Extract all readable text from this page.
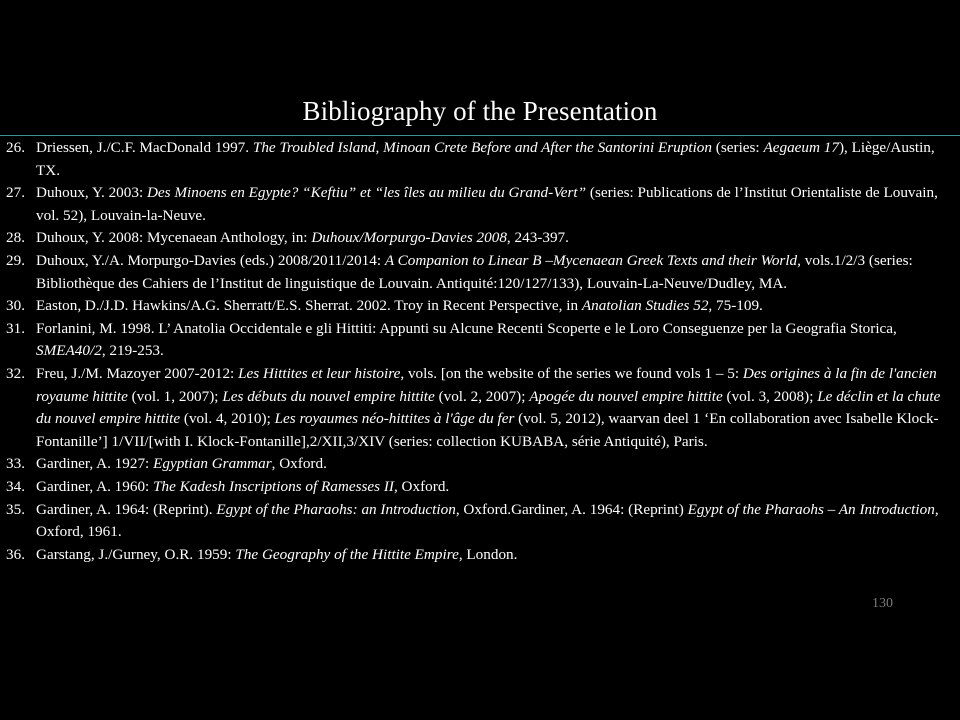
Bibliography of the Presentation
26. Driessen, J./C.F. MacDonald 1997. The Troubled Island, Minoan Crete Before and After the Santorini Eruption (series: Aegaeum 17), Liège/Austin, TX.
27. Duhoux, Y. 2003: Des Minoens en Egypte? “Keftiu” et “les îles au milieu du Grand-Vert” (series: Publications de l’Institut Orientaliste de Louvain, vol. 52), Louvain-la-Neuve.
28. Duhoux, Y. 2008: Mycenaean Anthology, in: Duhoux/Morpurgo-Davies 2008, 243-397.
29. Duhoux, Y./A. Morpurgo-Davies (eds.) 2008/2011/2014: A Companion to Linear B –Mycenaean Greek Texts and their World, vols.1/2/3 (series: Bibliothèque des Cahiers de l’Institut de linguistique de Louvain. Antiquité:120/127/133), Louvain-La-Neuve/Dudley, MA.
30. Easton, D./J.D. Hawkins/A.G. Sherratt/E.S. Sherrat. 2002. Troy in Recent Perspective, in Anatolian Studies 52, 75-109.
31. Forlanini, M. 1998. L’ Anatolia Occidentale e gli Hittiti: Appunti su Alcune Recenti Scoperte e le Loro Conseguenze per la Geografia Storica, SMEA40/2, 219-253.
32. Freu, J./M. Mazoyer 2007-2012: Les Hittites et leur histoire, vols. [on the website of the series we found vols 1 – 5: Des origines à la fin de l'ancien royaume hittite (vol. 1, 2007); Les débuts du nouvel empire hittite (vol. 2, 2007); Apogée du nouvel empire hittite (vol. 3, 2008); Le déclin et la chute du nouvel empire hittite (vol. 4, 2010); Les royaumes néo-hittites à l'âge du fer (vol. 5, 2012), waarvan deel 1 ‘En collaboration avec Isabelle Klock-Fontanille’] 1/VII/[with I. Klock-Fontanille],2/XII,3/XIV (series: collection KUBABA, série Antiquité), Paris.
33. Gardiner, A. 1927: Egyptian Grammar, Oxford.
34. Gardiner, A. 1960: The Kadesh Inscriptions of Ramesses II, Oxford.
35. Gardiner, A. 1964: (Reprint). Egypt of the Pharaohs: an Introduction, Oxford.Gardiner, A. 1964: (Reprint) Egypt of the Pharaohs – An Introduction, Oxford, 1961.
36. Garstang, J./Gurney, O.R. 1959: The Geography of the Hittite Empire, London.
130
